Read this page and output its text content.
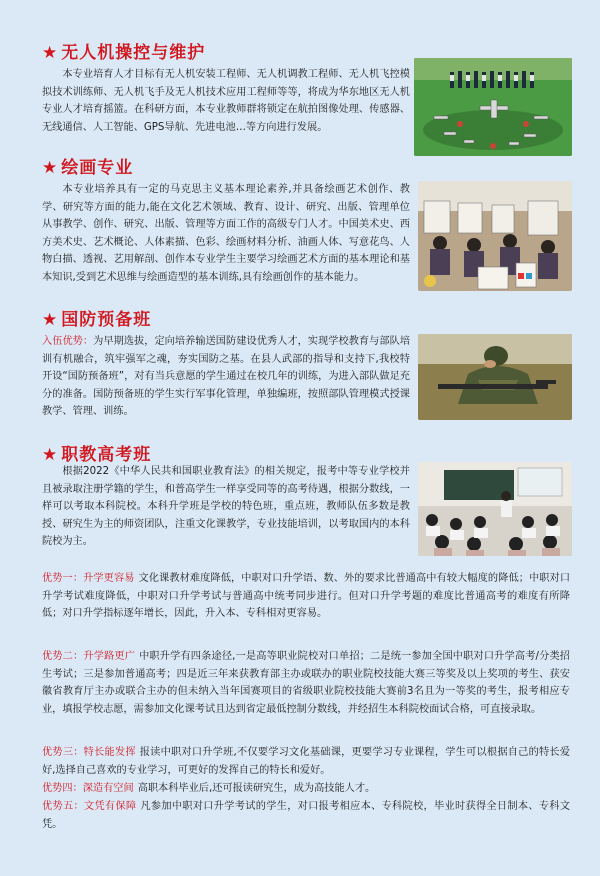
★ 无人机操控与维护

本专业培育人才目标有无人机安装工程师、无人机调教工程师、无人机飞控模拟技术训练师、无人机飞手及无人机技术应用工程师等等，将成为华东地区无人机专业人才培育摇篮。在科研方面，本专业教师群将锁定在航拍图像处理、传感器、无线通信、人工智能、GPS导航、先进电池…等方向进行发展。

★ 绘画专业

本专业培养具有一定的马克思主义基本理论素养,并具备绘画艺术创作、教学、研究等方面的能力,能在文化艺术领域、教育、设计、研究、出版、管理单位从事教学、创作、研究、出版、管理等方面工作的高级专门人才。中国美术史、西方美术史、艺术概论、人体素描、色彩、绘画材料分析、油画人体、写意花鸟、人物白描、透视、艺用解剖、创作本专业学生主要学习绘画艺术方面的基本理论和基本知识,受到艺术思维与绘画造型的基本训练,具有绘画创作的基本能力。

★ 国防预备班

入伍优势：为早期选拔，定向培养输送国防建设优秀人才，实现学校教育与部队培训有机融合，筑牢强军之魂，夯实国防之基。在县人武部的指导和支持下,我校特开设“国防预备班”，对有当兵意愿的学生通过在校几年的训练，为进入部队做足充分的准备。国防预备班的学生实行军事化管理，单独编班，按照部队管理模式授课教学、管理、训练。

★ 职教高考班

根据2022《中华人民共和国职业教育法》的相关规定，报考中等专业学校并且被录取注册学籍的学生，和普高学生一样享受同等的高考待遇，根据分数线，一样可以考取本科院校。本科升学班是学校的特色班，重点班，教师队伍多数是教授、研究生为主的师资团队，注重文化课教学，专业技能培训，以考取国内的本科院校为主。

优势一：升学更容易 文化课教材难度降低，中职对口升学语、数、外的要求比普通高中有较大幅度的降低；中职对口升学考试难度降低，中职对口升学考试与普通高中统考同步进行。但对口升学考题的难度比普通高考的难度有所降低；对口升学指标逐年增长，因此，升入本、专科相对更容易。

优势二：升学路更广 中职升学有四条途径,一是高等职业院校对口单招；二是统一参加全国中职对口升学高考/分类招生考试；三是参加普通高考；四是近三年来获教育部主办或联办的职业院校技能大赛三等奖及以上奖项的考生、获安徽省教育厅主办或联合主办的但未纳入当年国赛项目的省级职业院校技能大赛前3名且为一等奖的考生，报考相应专业，填报学校志愿，需参加文化课考试且达到省定最低控制分数线，并经招生本科院校面试合格，可直接录取。

优势三：特长能发挥 报读中职对口升学班,不仅要学习文化基础课，更要学习专业课程，学生可以根据自己的特长爱好,选择自己喜欢的专业学习，可更好的发挥自己的特长和爱好。

优势四：深造有空间 高职本科毕业后,还可报读研究生，成为高技能人才。

优势五：文凭有保障 凡参加中职对口升学考试的学生，对口报考相应本、专科院校，毕业时获得全日制本、专科文凭。
